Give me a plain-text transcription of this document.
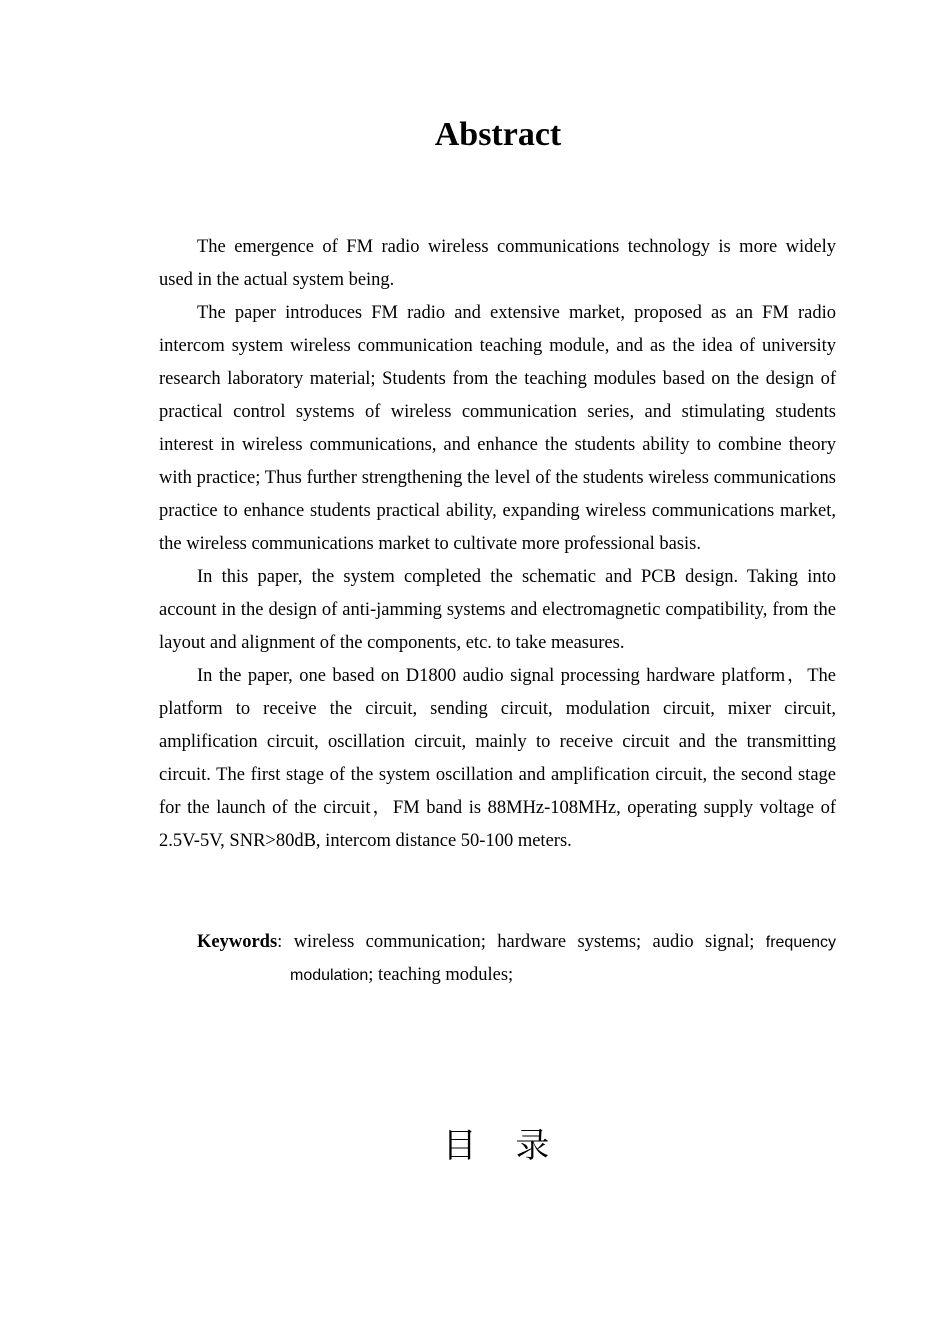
Abstract

The emergence of FM radio wireless communications technology is more widely used in the actual system being.

The paper introduces FM radio and extensive market, proposed as an FM radio intercom system wireless communication teaching module, and as the idea of university research laboratory material; Students from the teaching modules based on the design of practical control systems of wireless communication series, and stimulating students interest in wireless communications, and enhance the students ability to combine theory with practice; Thus further strengthening the level of the students wireless communications practice to enhance students practical ability, expanding wireless communications market, the wireless communications market to cultivate more professional basis.

In this paper, the system completed the schematic and PCB design. Taking into account in the design of anti-jamming systems and electromagnetic compatibility, from the layout and alignment of the components, etc. to take measures.

In the paper, one based on D1800 audio signal processing hardware platform，The platform to receive the circuit, sending circuit, modulation circuit, mixer circuit, amplification circuit, oscillation circuit, mainly to receive circuit and the transmitting circuit. The first stage of the system oscillation and amplification circuit, the second stage for the launch of the circuit，FM band is 88MHz-108MHz, operating supply voltage of 2.5V-5V, SNR>80dB, intercom distance 50-100 meters.

Keywords: wireless communication; hardware systems; audio signal; frequency
modulation; teaching modules;
目 录
